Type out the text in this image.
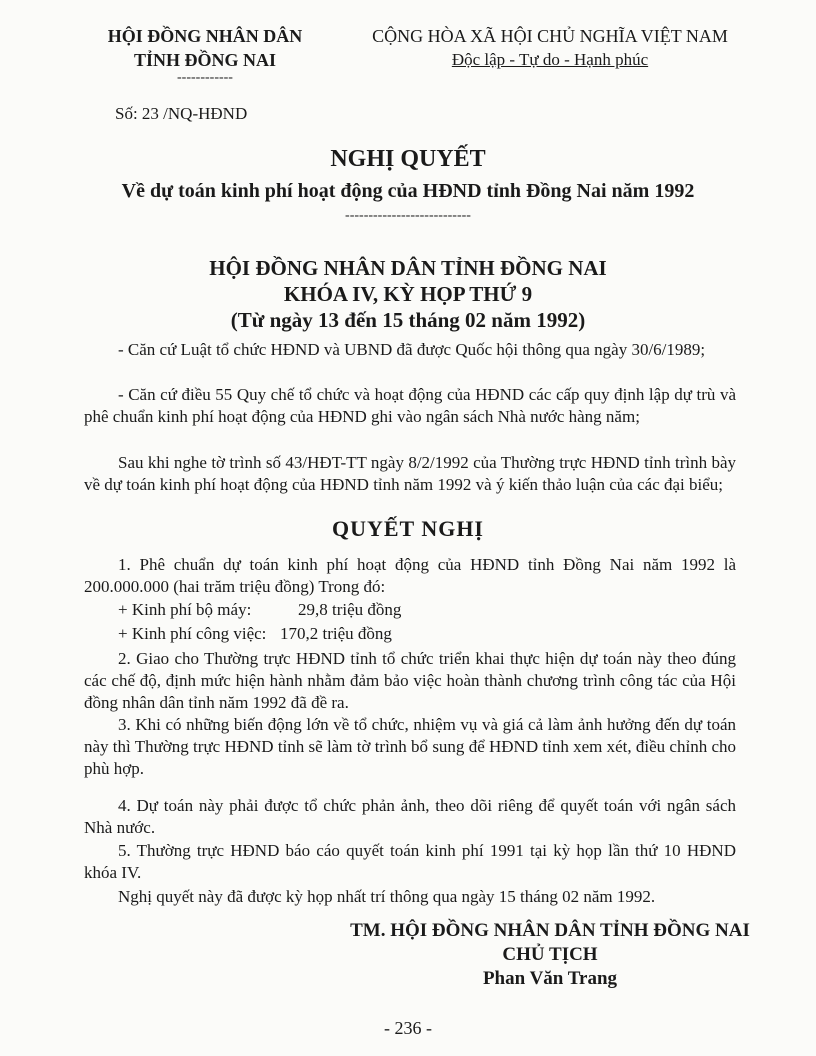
HỘI ĐỒNG NHÂN DÂN
TỈNH ĐỒNG NAI
------------
CỘNG HÒA XÃ HỘI CHỦ NGHĨA VIỆT NAM
Độc lập - Tự do - Hạnh phúc
Số: 23 /NQ-HĐND
NGHỊ QUYẾT
Về dự toán kinh phí hoạt động của HĐND tỉnh Đồng Nai năm 1992
---------------------------
HỘI ĐỒNG NHÂN DÂN TỈNH ĐỒNG NAI
KHÓA IV, KỲ HỌP THỨ 9
(Từ ngày 13 đến 15 tháng 02 năm 1992)

- Căn cứ Luật tổ chức HĐND và UBND đã được Quốc hội thông qua ngày 30/6/1989;

- Căn cứ điều 55 Quy chế tổ chức và hoạt động của HĐND các cấp quy định lập dự trù và phê chuẩn kinh phí hoạt động của HĐND ghi vào ngân sách Nhà nước hàng năm;

Sau khi nghe tờ trình số 43/HĐT-TT ngày 8/2/1992 của Thường trực HĐND tỉnh trình bày về dự toán kinh phí hoạt động của HĐND tỉnh năm 1992 và ý kiến thảo luận của các đại biểu;

QUYẾT NGHỊ

1. Phê chuẩn dự toán kinh phí hoạt động của HĐND tỉnh Đồng Nai năm 1992 là 200.000.000 (hai trăm triệu đồng) Trong đó:

+ Kinh phí bộ máy:	29,8 triệu đồng
+ Kinh phí công việc: 170,2 triệu đồng

2. Giao cho Thường trực HĐND tỉnh tổ chức triển khai thực hiện dự toán này theo đúng các chế độ, định mức hiện hành nhằm đảm bảo việc hoàn thành chương trình công tác của Hội đồng nhân dân tỉnh năm 1992 đã đề ra.

3. Khi có những biến động lớn về tổ chức, nhiệm vụ và giá cả làm ảnh hưởng đến dự toán này thì Thường trực HĐND tỉnh sẽ làm tờ trình bổ sung để HĐND tỉnh xem xét, điều chỉnh cho phù hợp.

4. Dự toán này phải được tổ chức phản ảnh, theo dõi riêng để quyết toán với ngân sách Nhà nước.

5. Thường trực HĐND báo cáo quyết toán kinh phí 1991 tại kỳ họp lần thứ 10 HĐND khóa IV.

Nghị quyết này đã được kỳ họp nhất trí thông qua ngày 15 tháng 02 năm 1992.

TM. HỘI ĐỒNG NHÂN DÂN TỈNH ĐỒNG NAI
CHỦ TỊCH
Phan Văn Trang
- 236 -
